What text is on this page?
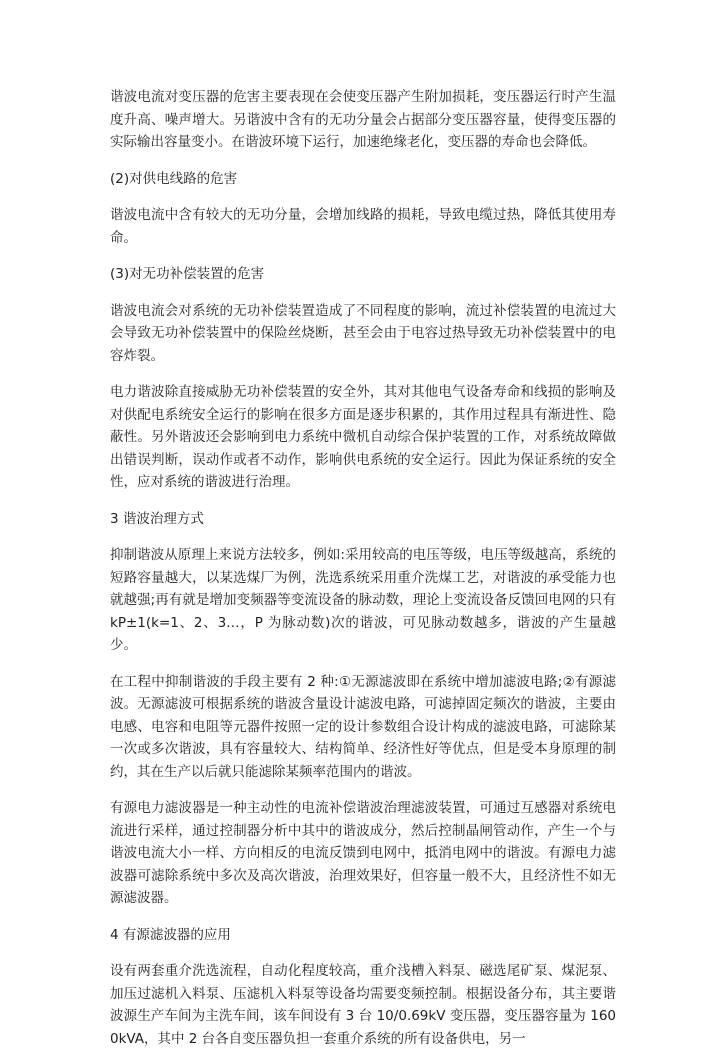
谐波电流对变压器的危害主要表现在会使变压器产生附加损耗，变压器运行时产生温度升高、噪声增大。另谐波中含有的无功分量会占据部分变压器容量，使得变压器的实际输出容量变小。在谐波环境下运行，加速绝缘老化，变压器的寿命也会降低。

(2)对供电线路的危害

谐波电流中含有较大的无功分量，会增加线路的损耗，导致电缆过热，降低其使用寿命。

(3)对无功补偿装置的危害

谐波电流会对系统的无功补偿装置造成了不同程度的影响，流过补偿装置的电流过大会导致无功补偿装置中的保险丝烧断，甚至会由于电容过热导致无功补偿装置中的电容炸裂。

电力谐波除直接威胁无功补偿装置的安全外，其对其他电气设备寿命和线损的影响及对供配电系统安全运行的影响在很多方面是逐步积累的，其作用过程具有渐进性、隐蔽性。另外谐波还会影响到电力系统中微机自动综合保护装置的工作，对系统故障做出错误判断，误动作或者不动作，影响供电系统的安全运行。因此为保证系统的安全性，应对系统的谐波进行治理。

3 谐波治理方式

抑制谐波从原理上来说方法较多，例如:采用较高的电压等级，电压等级越高，系统的短路容量越大，以某选煤厂为例，洗选系统采用重介洗煤工艺，对谐波的承受能力也就越强;再有就是增加变频器等变流设备的脉动数，理论上变流设备反馈回电网的只有 kP±1(k=1、2、3…，P 为脉动数)次的谐波，可见脉动数越多，谐波的产生量越少。

在工程中抑制谐波的手段主要有 2 种:①无源滤波即在系统中增加滤波电路;②有源滤波。无源滤波可根据系统的谐波含量设计滤波电路，可滤掉固定频次的谐波，主要由电感、电容和电阻等元器件按照一定的设计参数组合设计构成的滤波电路，可滤除某一次或多次谐波，具有容量较大、结构简单、经济性好等优点，但是受本身原理的制约，其在生产以后就只能滤除某频率范围内的谐波。

有源电力滤波器是一种主动性的电流补偿谐波治理滤波装置，可通过互感器对系统电流进行采样，通过控制器分析中其中的谐波成分，然后控制晶闸管动作，产生一个与谐波电流大小一样、方向相反的电流反馈到电网中，抵消电网中的谐波。有源电力滤波器可滤除系统中多次及高次谐波，治理效果好，但容量一般不大，且经济性不如无源滤波器。

4 有源滤波器的应用

设有两套重介洗选流程，自动化程度较高，重介浅槽入料泵、磁选尾矿泵、煤泥泵、加压过滤机入料泵、压滤机入料泵等设备均需要变频控制。根据设备分布，其主要谐波源生产车间为主洗车间，该车间设有 3 台 10/0.69kV 变压器，变压器容量为 1600kVA，其中 2 台各自变压器负担一套重介系统的所有设备供电，另一
